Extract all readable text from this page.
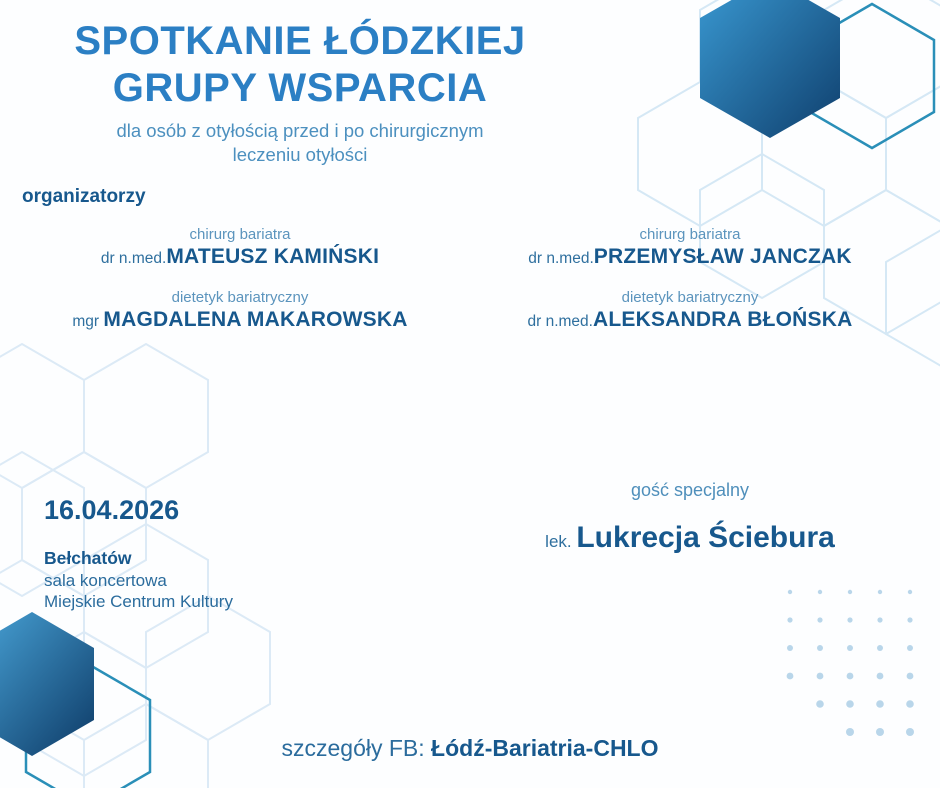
SPOTKANIE ŁÓDZKIEJ
GRUPY WSPARCIA
dla osób z otyłością przed i po chirurgicznym
leczeniu otyłości
organizatorzy
chirurg bariatra
dr n.med.MATEUSZ KAMIŃSKI
dietetyk bariatryczny
mgr MAGDALENA MAKAROWSKA
chirurg bariatra
dr n.med.PRZEMYSŁAW JANCZAK
dietetyk bariatryczny
dr n.med.ALEKSANDRA BŁOŃSKA
16.04.2026
Bełchatów
sala koncertowa
Miejskie Centrum Kultury
gość specjalny
lek. Lukrecja Ściebura
szczegóły FB: Łódź-Bariatria-CHLO
